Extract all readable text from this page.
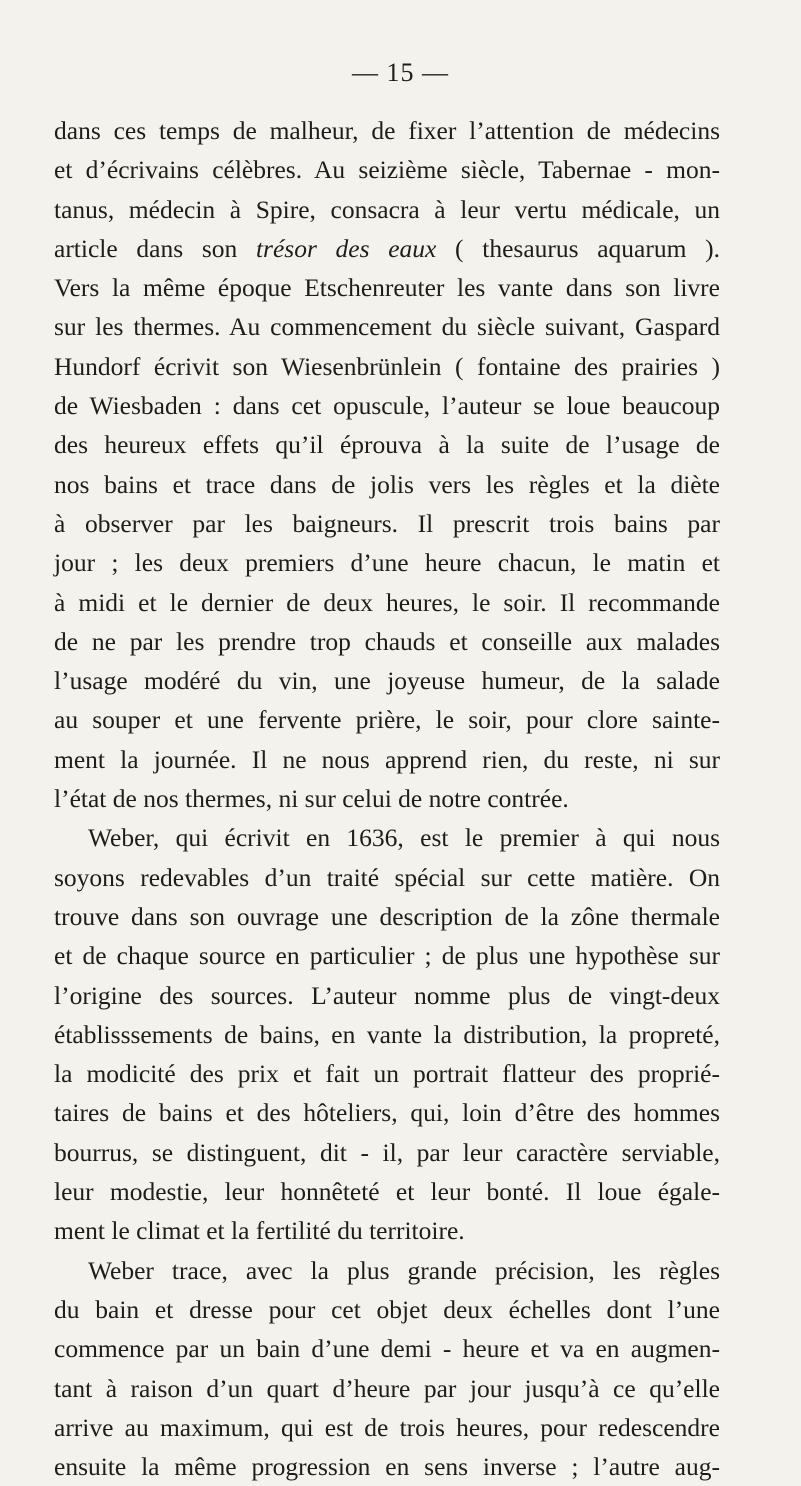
— 15 —

dans ces temps de malheur, de fixer l’attention de médecins
et d’écrivains célèbres. Au seizième siècle, Tabernae - mon-
tanus, médecin à Spire, consacra à leur vertu médicale, un
article dans son trésor des eaux ( thesaurus aquarum ).
Vers la même époque Etschenreuter les vante dans son livre
sur les thermes. Au commencement du siècle suivant, Gaspard
Hundorf écrivit son Wiesenbrünlein ( fontaine des prairies )
de Wiesbaden : dans cet opuscule, l’auteur se loue beaucoup
des heureux effets qu’il éprouva à la suite de l’usage de
nos bains et trace dans de jolis vers les règles et la diète
à observer par les baigneurs. Il prescrit trois bains par
jour ; les deux premiers d’une heure chacun, le matin et
à midi et le dernier de deux heures, le soir. Il recommande
de ne par les prendre trop chauds et conseille aux malades
l’usage modéré du vin, une joyeuse humeur, de la salade
au souper et une fervente prière, le soir, pour clore sainte-
ment la journée. Il ne nous apprend rien, du reste, ni sur
l’état de nos thermes, ni sur celui de notre contrée.
Weber, qui écrivit en 1636, est le premier à qui nous
soyons redevables d’un traité spécial sur cette matière. On
trouve dans son ouvrage une description de la zône thermale
et de chaque source en particulier ; de plus une hypothèse sur
l’origine des sources. L’auteur nomme plus de vingt-deux
établisssements de bains, en vante la distribution, la propreté,
la modicité des prix et fait un portrait flatteur des proprié-
taires de bains et des hôteliers, qui, loin d’être des hommes
bourrus, se distinguent, dit - il, par leur caractère serviable,
leur modestie, leur honnêteté et leur bonté. Il loue égale-
ment le climat et la fertilité du territoire.
Weber trace, avec la plus grande précision, les règles
du bain et dresse pour cet objet deux échelles dont l’une
commence par un bain d’une demi - heure et va en augmen-
tant à raison d’un quart d’heure par jour jusqu’à ce qu’elle
arrive au maximum, qui est de trois heures, pour redescendre
ensuite la même progression en sens inverse ; l’autre aug-
